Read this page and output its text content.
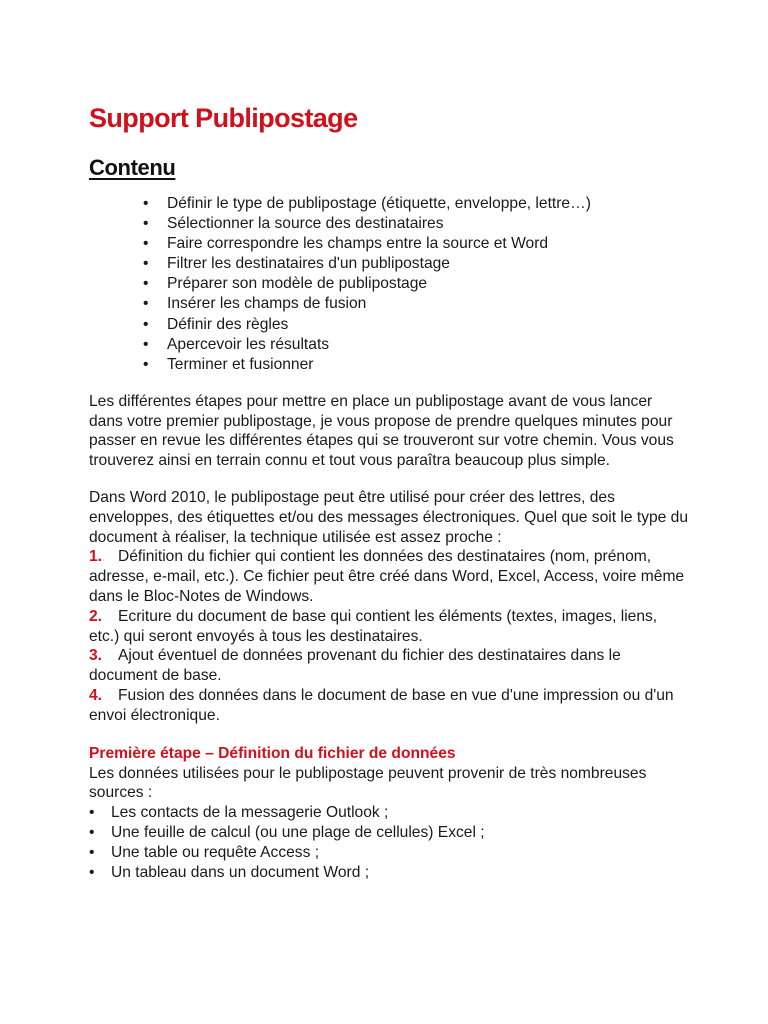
Support Publipostage
Contenu
• Définir le type de publipostage (étiquette, enveloppe, lettre…)
• Sélectionner la source des destinataires
• Faire correspondre les champs entre la source et Word
• Filtrer les destinataires d'un publipostage
• Préparer son modèle de publipostage
• Insérer les champs de fusion
• Définir des règles
• Apercevoir les résultats
• Terminer et fusionner

Les différentes étapes pour mettre en place un publipostage avant de vous lancer dans votre premier publipostage, je vous propose de prendre quelques minutes pour passer en revue les différentes étapes qui se trouveront sur votre chemin. Vous vous trouverez ainsi en terrain connu et tout vous paraîtra beaucoup plus simple.

Dans Word 2010, le publipostage peut être utilisé pour créer des lettres, des enveloppes, des étiquettes et/ou des messages électroniques. Quel que soit le type du document à réaliser, la technique utilisée est assez proche :

1. Définition du fichier qui contient les données des destinataires (nom, prénom, adresse, e-mail, etc.). Ce fichier peut être créé dans Word, Excel, Access, voire même dans le Bloc-Notes de Windows.

2. Ecriture du document de base qui contient les éléments (textes, images, liens, etc.) qui seront envoyés à tous les destinataires.

3. Ajout éventuel de données provenant du fichier des destinataires dans le document de base.

4. Fusion des données dans le document de base en vue d'une impression ou d'un envoi électronique.

Première étape – Définition du fichier de données

Les données utilisées pour le publipostage peuvent provenir de très nombreuses sources :

• Les contacts de la messagerie Outlook ;
• Une feuille de calcul (ou une plage de cellules) Excel ;
• Une table ou requête Access ;
• Un tableau dans un document Word ;
